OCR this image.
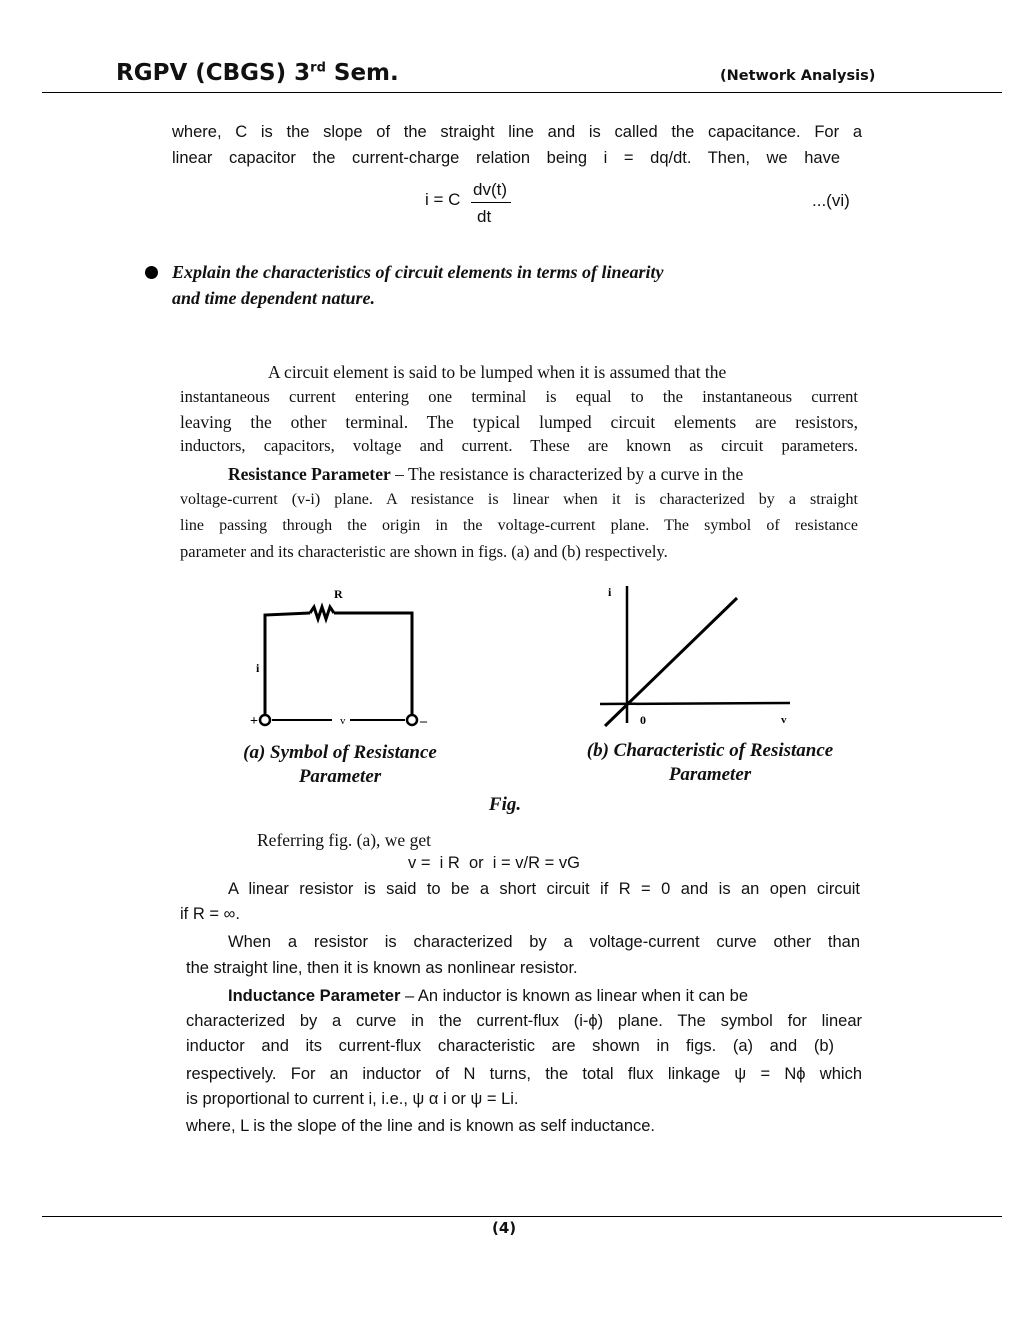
RGPV (CBGS) 3rd Sem.	(Network Analysis)
where, C is the slope of the straight line and is called the capacitance. For a
linear capacitor the current-charge relation being i = dq/dt. Then, we have
i = C
dv(t)
dt
...(vi)
Explain the characteristics of circuit elements in terms of linearity
and time dependent nature.
A circuit element is said to be lumped when it is assumed that the
instantaneous current entering one terminal is equal to the instantaneous current
leaving the other terminal. The typical lumped circuit elements are resistors,
inductors, capacitors, voltage and current. These are known as circuit parameters.
Resistance Parameter – The resistance is characterized by a curve in the
voltage-current (v-i) plane. A resistance is linear when it is characterized by a straight
line passing through the origin in the voltage-current plane. The symbol of resistance
parameter and its characteristic are shown in figs. (a) and (b) respectively.
R
i
v
+	–
i
v
0
(a) Symbol of Resistance
Parameter
(b) Characteristic of Resistance
Parameter
Fig.
Referring fig. (a), we get
v =  i R  or  i = v/R = vG
A linear resistor is said to be a short circuit if R = 0 and is an open circuit
if R = ∞.
When a resistor is characterized by a voltage-current curve other than
the straight line, then it is known as nonlinear resistor.
Inductance Parameter – An inductor is known as linear when it can be
characterized by a curve in the current-flux (i-ϕ) plane. The symbol for linear
inductor and its current-flux characteristic are shown in figs. (a) and (b)
respectively. For an inductor of N turns, the total flux linkage ψ = Nϕ which
is proportional to current i, i.e., ψ α i or ψ = Li.
where, L is the slope of the line and is known as self inductance.
(4)
